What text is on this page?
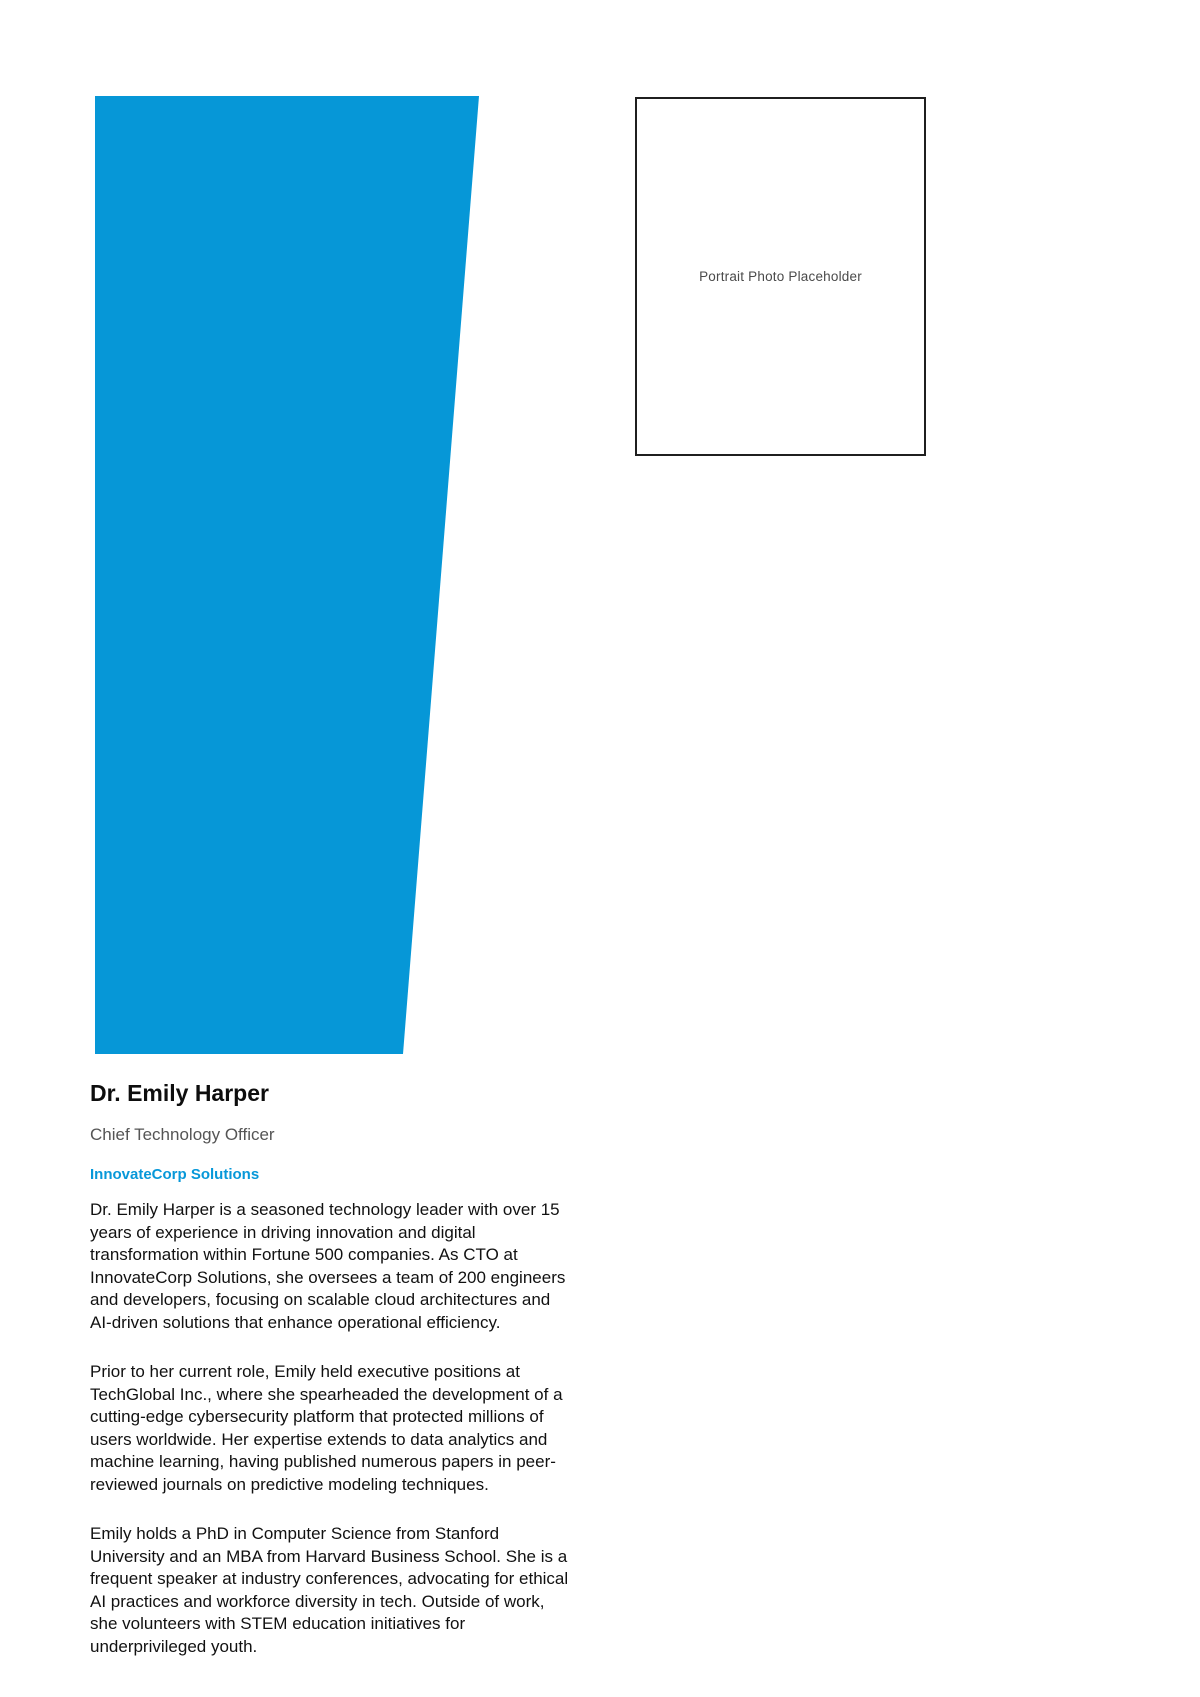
Portrait Photo Placeholder
Dr. Emily Harper
Chief Technology Officer
InnovateCorp Solutions

Dr. Emily Harper is a seasoned technology leader with over 15 years of experience in driving innovation and digital transformation within Fortune 500 companies. As CTO at InnovateCorp Solutions, she oversees a team of 200 engineers and developers, focusing on scalable cloud architectures and AI-driven solutions that enhance operational efficiency.

Prior to her current role, Emily held executive positions at TechGlobal Inc., where she spearheaded the development of a cutting-edge cybersecurity platform that protected millions of users worldwide. Her expertise extends to data analytics and machine learning, having published numerous papers in peer-reviewed journals on predictive modeling techniques.

Emily holds a PhD in Computer Science from Stanford University and an MBA from Harvard Business School. She is a frequent speaker at industry conferences, advocating for ethical AI practices and workforce diversity in tech. Outside of work, she volunteers with STEM education initiatives for underprivileged youth.
